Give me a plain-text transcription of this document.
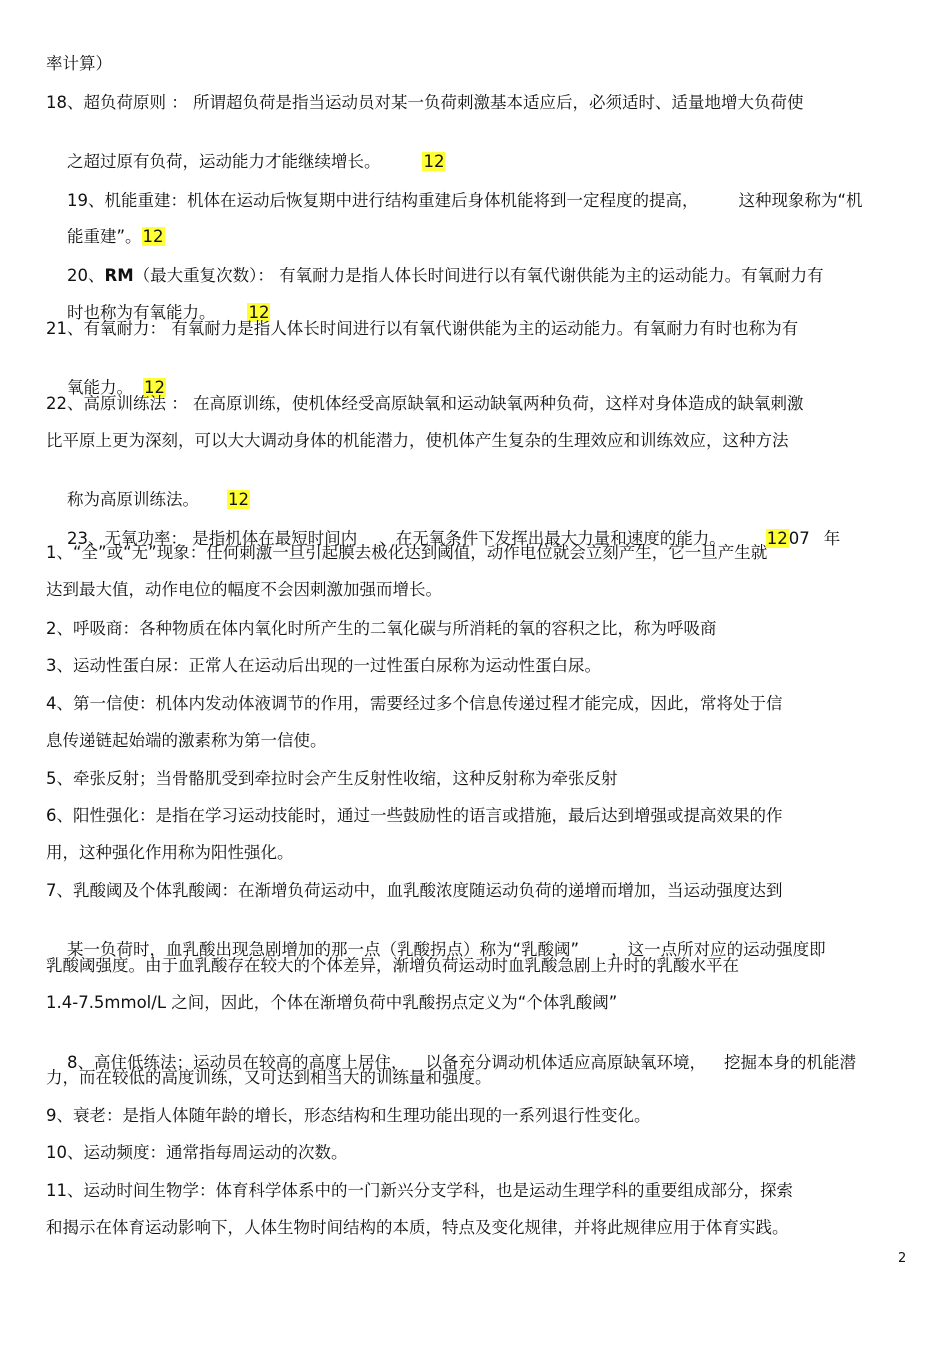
率计算）
18、超负荷原则 ： 所谓超负荷是指当运动员对某一负荷刺激基本适应后，必须适时、适量地增大负荷使

之超过原有负荷，运动能力才能继续增长。	12

19、机能重建：机体在运动后恢复期中进行结构重建后身体机能将到一定程度的提高， 这种现象称为“机

能重建”。12

20、RM（最大重复次数）： 有氧耐力是指人体长时间进行以有氧代谢供能为主的运动能力。有氧耐力有

时也称为有氧能力。 12

21、有氧耐力： 有氧耐力是指人体长时间进行以有氧代谢供能为主的运动能力。有氧耐力有时也称为有

氧能力。 12

22、高原训练法 ： 在高原训练，使机体经受高原缺氧和运动缺氧两种负荷，这样对身体造成的缺氧刺激
比平原上更为深刻，可以大大调动身体的机能潜力，使机体产生复杂的生理效应和训练效应，这种方法

称为高原训练法。 12

23、无氧功率： 是指机体在最短时间内 、在无氧条件下发挥出最大力量和速度的能力。 1207 年

1、“全”或“无”现象：任何刺激一旦引起膜去极化达到阈值，动作电位就会立刻产生，它一旦产生就
达到最大值，动作电位的幅度不会因刺激加强而增长。
2、呼吸商：各种物质在体内氧化时所产生的二氧化碳与所消耗的氧的容积之比，称为呼吸商
3、运动性蛋白尿：正常人在运动后出现的一过性蛋白尿称为运动性蛋白尿。
4、第一信使：机体内发动体液调节的作用，需要经过多个信息传递过程才能完成，因此，常将处于信
息传递链起始端的激素称为第一信使。
5、牵张反射；当骨骼肌受到牵拉时会产生反射性收缩，这种反射称为牵张反射
6、阳性强化：是指在学习运动技能时，通过一些鼓励性的语言或措施，最后达到增强或提高效果的作
用，这种强化作用称为阳性强化。
7、乳酸阈及个体乳酸阈：在渐增负荷运动中，血乳酸浓度随运动负荷的递增而增加，当运动强度达到

某一负荷时，血乳酸出现急剧增加的那一点（乳酸拐点）称为“乳酸阈” ，这一点所对应的运动强度即

乳酸阈强度。由于血乳酸存在较大的个体差异，渐增负荷运动时血乳酸急剧上升时的乳酸水平在
1.4-7.5mmol/L 之间，因此，个体在渐增负荷中乳酸拐点定义为“个体乳酸阈”

8、高住低练法；运动员在较高的高度上居住， 以备充分调动机体适应高原缺氧环境， 挖掘本身的机能潜

力，而在较低的高度训练，又可达到相当大的训练量和强度。
9、衰老：是指人体随年龄的增长，形态结构和生理功能出现的一系列退行性变化。
10、运动频度：通常指每周运动的次数。
11、运动时间生物学：体育科学体系中的一门新兴分支学科，也是运动生理学科的重要组成部分，探索
和揭示在体育运动影响下，人体生物时间结构的本质，特点及变化规律，并将此规律应用于体育实践。
2
